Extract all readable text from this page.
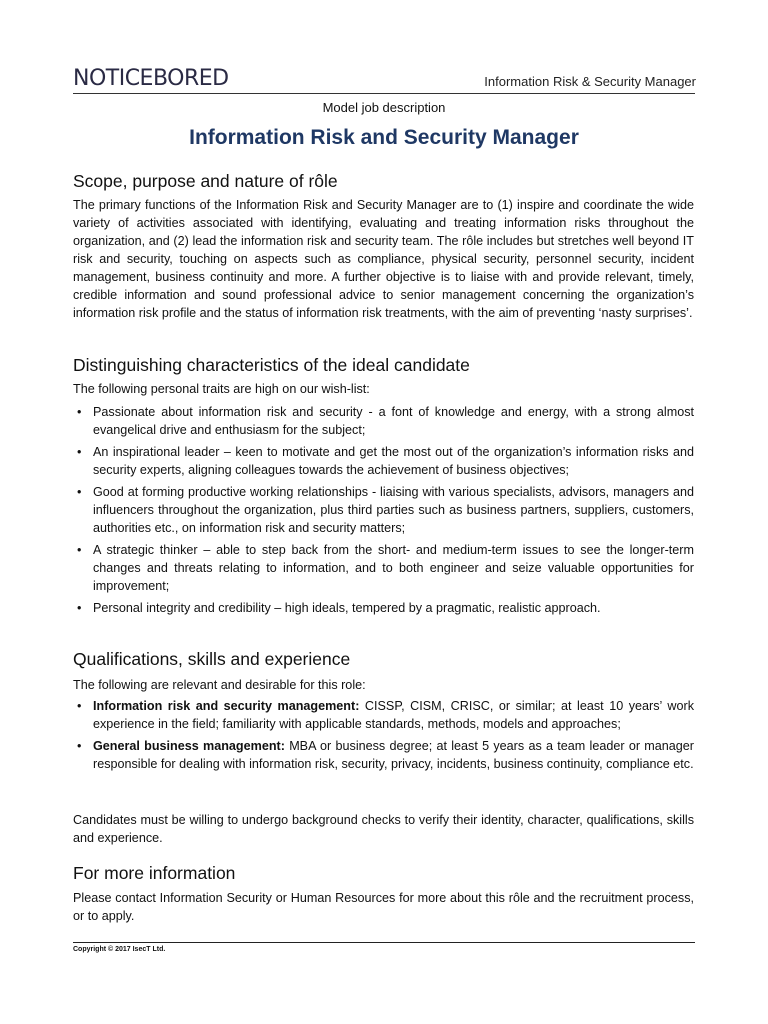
NOTICEBORED	Information Risk & Security Manager
Model job description
Information Risk and Security Manager
Scope, purpose and nature of rôle

The primary functions of the Information Risk and Security Manager are to (1) inspire and coordinate the wide variety of activities associated with identifying, evaluating and treating information risks throughout the organization, and (2) lead the information risk and security team. The rôle includes but stretches well beyond IT risk and security, touching on aspects such as compliance, physical security, personnel security, incident management, business continuity and more. A further objective is to liaise with and provide relevant, timely, credible information and sound professional advice to senior management concerning the organization’s information risk profile and the status of information risk treatments, with the aim of preventing ‘nasty surprises’.

Distinguishing characteristics of the ideal candidate

The following personal traits are high on our wish-list:

• Passionate about information risk and security - a font of knowledge and energy, with a strong almost evangelical drive and enthusiasm for the subject;
• An inspirational leader – keen to motivate and get the most out of the organization’s information risks and security experts, aligning colleagues towards the achievement of business objectives;
• Good at forming productive working relationships - liaising with various specialists, advisors, managers and influencers throughout the organization, plus third parties such as business partners, suppliers, customers, authorities etc., on information risk and security matters;
• A strategic thinker – able to step back from the short- and medium-term issues to see the longer-term changes and threats relating to information, and to both engineer and seize valuable opportunities for improvement;
• Personal integrity and credibility – high ideals, tempered by a pragmatic, realistic approach.
Qualifications, skills and experience

The following are relevant and desirable for this role:

• Information risk and security management: CISSP, CISM, CRISC, or similar; at least 10 years’ work experience in the field; familiarity with applicable standards, methods, models and approaches;
• General business management: MBA or business degree; at least 5 years as a team leader or manager responsible for dealing with information risk, security, privacy, incidents, business continuity, compliance etc.

Candidates must be willing to undergo background checks to verify their identity, character, qualifications, skills and experience.

For more information

Please contact Information Security or Human Resources for more about this rôle and the recruitment process, or to apply.

Copyright © 2017 IsecT Ltd.
